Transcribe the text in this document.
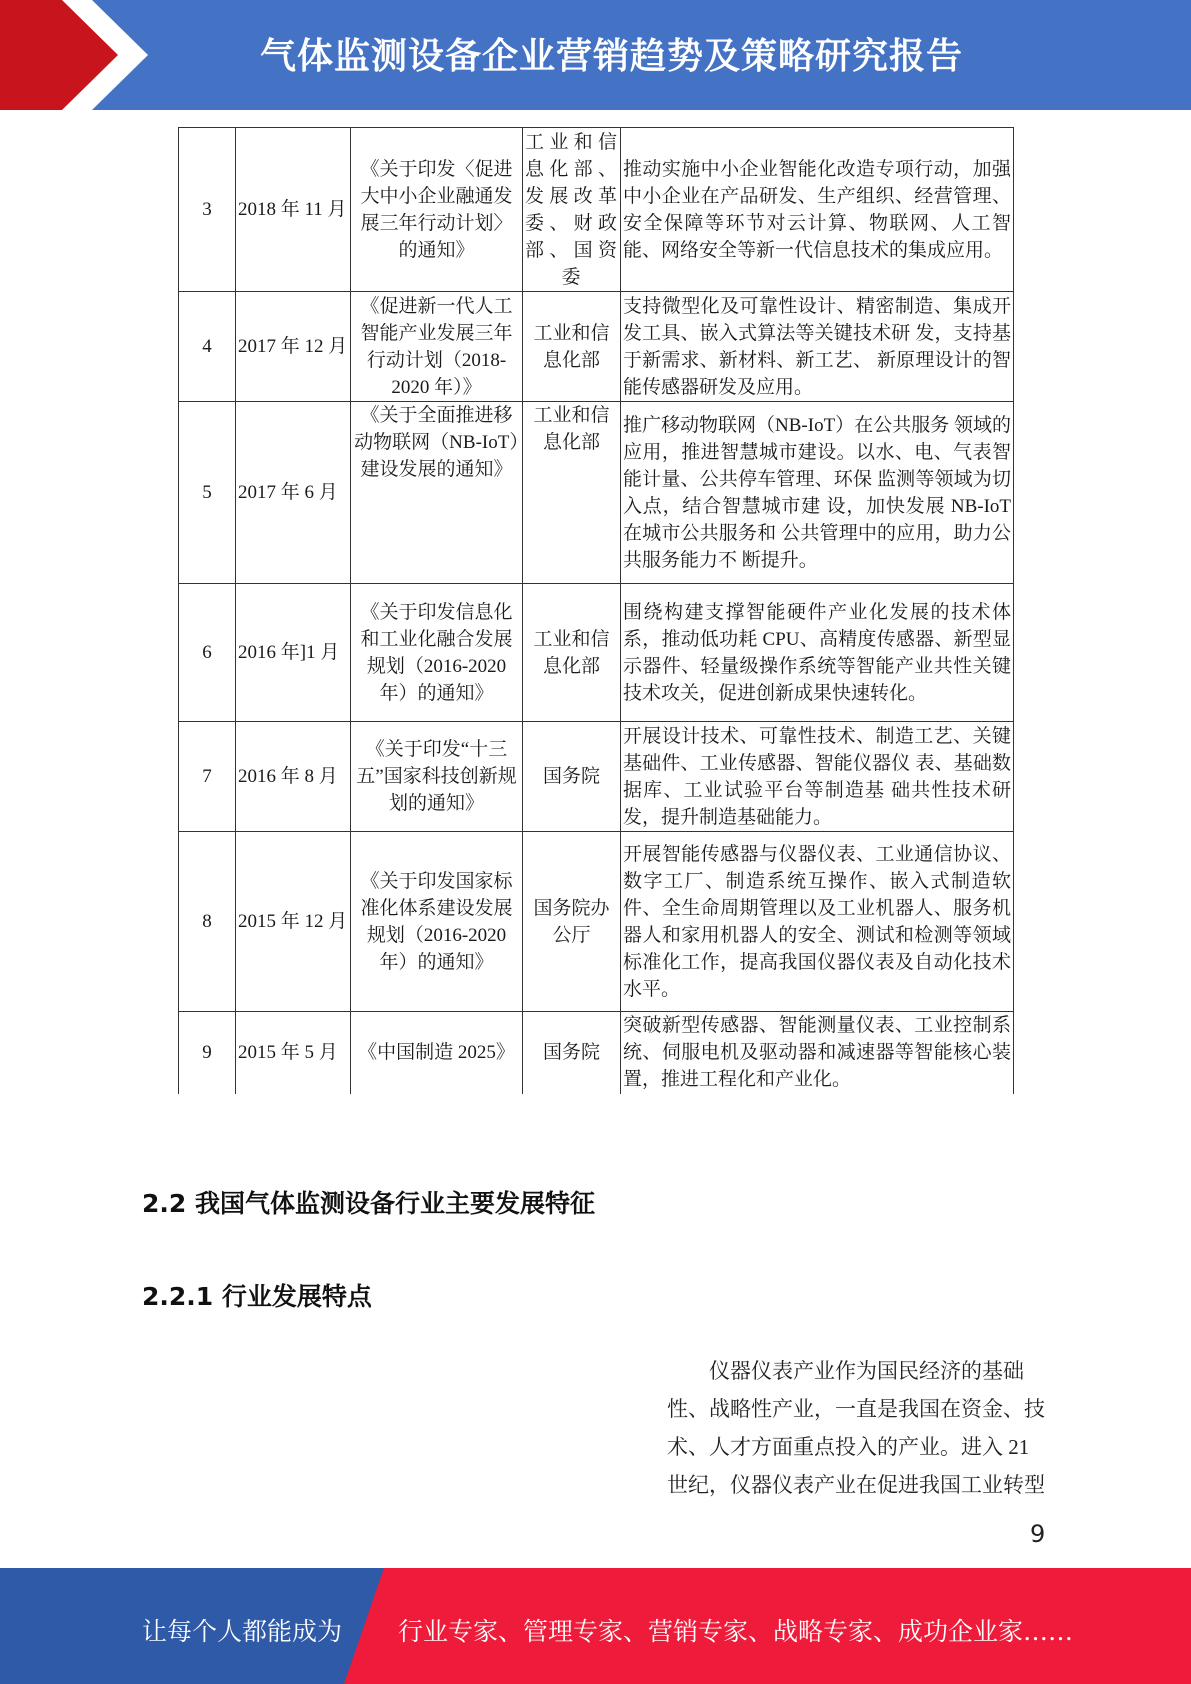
气体监测设备企业营销趋势及策略研究报告
3	2018 年 11 月	《关于印发〈促进大中小企业融通发展三年行动计划〉的通知》	工业和信息化部、发展改革委、财政部、国资委	推动实施中小企业智能化改造专项行动，加强中小企业在产品研发、生产组织、经营管理、安全保障等环节对云计算、物联网、人工智能、网络安全等新一代信息技术的集成应用。
4	2017 年 12 月	《促进新一代人工智能产业发展三年行动计划（2018-2020 年）》	工业和信息化部	支持微型化及可靠性设计、精密制造、集成开发工具、嵌入式算法等关键技术研 发，支持基于新需求、新材料、新工艺、 新原理设计的智能传感器研发及应用。
5	2017 年 6 月	《关于全面推进移动物联网（NB-IoT）建设发展的通知》	工业和信息化部	推广移动物联网（NB-IoT）在公共服务 领域的应用，推进智慧城市建设。以水、电、气表智能计量、公共停车管理、环保 监测等领域为切入点，结合智慧城市建 设，加快发展 NB-IoT 在城市公共服务和 公共管理中的应用，助力公共服务能力不 断提升。
6	2016 年]1 月	《关于印发信息化和工业化融合发展规划（2016-2020 年）的通知》	工业和信息化部	围绕构建支撑智能硬件产业化发展的技术体系，推动低功耗 CPU、高精度传感器、新型显示器件、轻量级操作系统等智能产业共性关键技术攻关，促进创新成果快速转化。
7	2016 年 8 月	《关于印发“十三五”国家科技创新规划的通知》	国务院	开展设计技术、可靠性技术、制造工艺、关键基础件、工业传感器、智能仪器仪 表、基础数据库、工业试验平台等制造基 础共性技术研发，提升制造基础能力。
8	2015 年 12 月	《关于印发国家标准化体系建设发展规划（2016-2020 年）的通知》	国务院办公厅	开展智能传感器与仪器仪表、工业通信协议、数字工厂、制造系统互操作、嵌入式制造软件、全生命周期管理以及工业机器人、服务机器人和家用机器人的安全、测试和检测等领域标准化工作，提高我国仪器仪表及自动化技术水平。
9	2015 年 5 月	《中国制造 2025》	国务院	突破新型传感器、智能测量仪表、工业控制系统、伺服电机及驱动器和减速器等智能核心装置，推进工程化和产业化。
2.2 我国气体监测设备行业主要发展特征
2.2.1 行业发展特点
仪器仪表产业作为国民经济的基础
性、战略性产业，一直是我国在资金、技
术、人才方面重点投入的产业。进入 21
世纪，仪器仪表产业在促进我国工业转型
9
让每个人都能成为 行业专家、管理专家、营销专家、战略专家、成功企业家……
